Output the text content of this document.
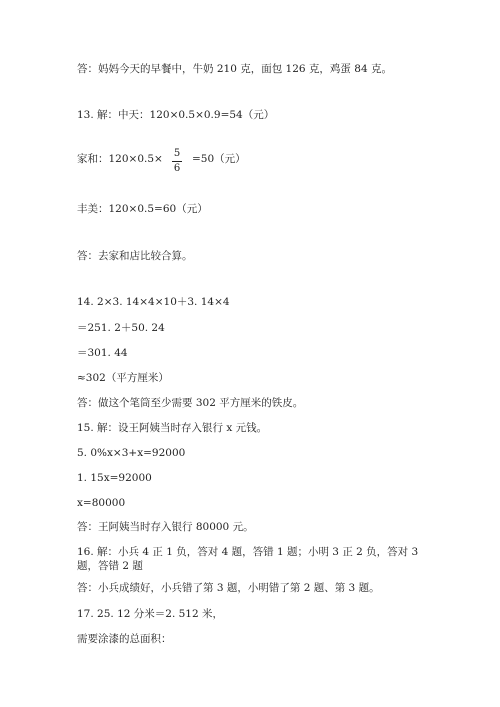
答：妈妈今天的早餐中，牛奶 210 克，面包 126 克，鸡蛋 84 克。
13. 解：中天：120×0.5×0.9=54（元）
家和：120×0.5× 5
6
=50（元）
丰美：120×0.5=60（元）
答：去家和店比较合算。
14. 2×3. 14×4×10＋3. 14×4
＝251. 2＋50. 24
＝301. 44
≈302（平方厘米）
答：做这个笔筒至少需要 302 平方厘米的铁皮。
15. 解：设王阿姨当时存入银行 x 元钱。
5. 0%x×3+x=92000
1. 15x=92000
x=80000
答：王阿姨当时存入银行 80000 元。
16. 解：小兵 4 正 1 负，答对 4 题，答错 1 题；小明 3 正 2 负，答对 3 题，答错 2 题
答：小兵成绩好，小兵错了第 3 题，小明错了第 2 题、第 3 题。
17. 25. 12 分米＝2. 512 米，
需要涂漆的总面积：
